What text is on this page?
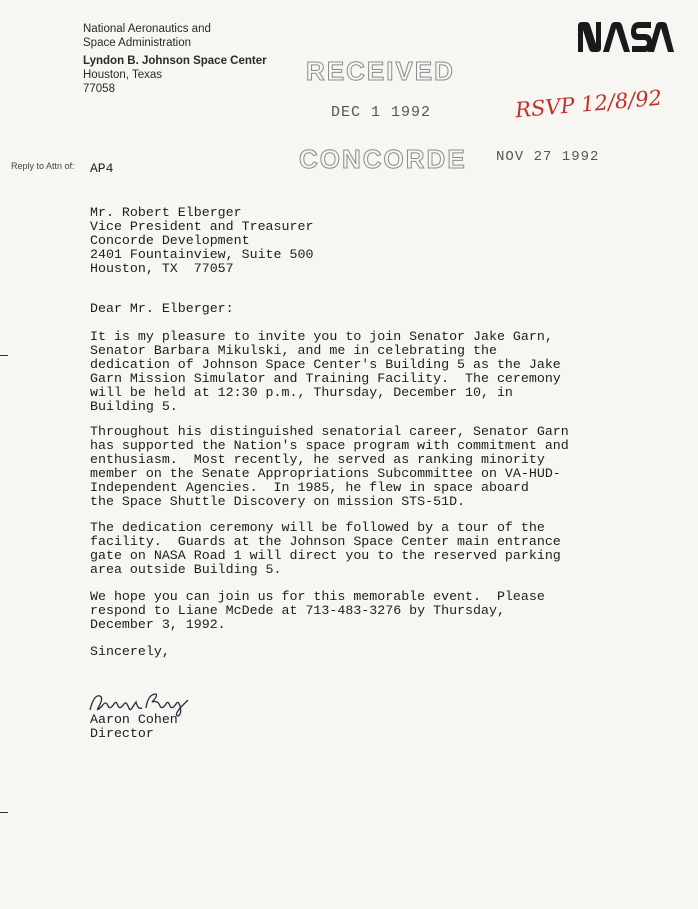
National Aeronautics and
Space Administration
Lyndon B. Johnson Space Center
Houston, Texas
77058
RECEIVED
DEC 1 1992
CONCORDE NOV 27 1992
RSVP 12/8/92
Reply to Attn of: AP4
Mr. Robert Elberger
Vice President and Treasurer
Concorde Development
2401 Fountainview, Suite 500
Houston, TX  77057
Dear Mr. Elberger:
It is my pleasure to invite you to join Senator Jake Garn,
Senator Barbara Mikulski, and me in celebrating the
dedication of Johnson Space Center's Building 5 as the Jake
Garn Mission Simulator and Training Facility.  The ceremony
will be held at 12:30 p.m., Thursday, December 10, in
Building 5.
Throughout his distinguished senatorial career, Senator Garn
has supported the Nation's space program with commitment and
enthusiasm.  Most recently, he served as ranking minority
member on the Senate Appropriations Subcommittee on VA-HUD-
Independent Agencies.  In 1985, he flew in space aboard
the Space Shuttle Discovery on mission STS-51D.
The dedication ceremony will be followed by a tour of the
facility.  Guards at the Johnson Space Center main entrance
gate on NASA Road 1 will direct you to the reserved parking
area outside Building 5.
We hope you can join us for this memorable event.  Please
respond to Liane McDede at 713-483-3276 by Thursday,
December 3, 1992.
Sincerely,
Aaron Cohen
Director
